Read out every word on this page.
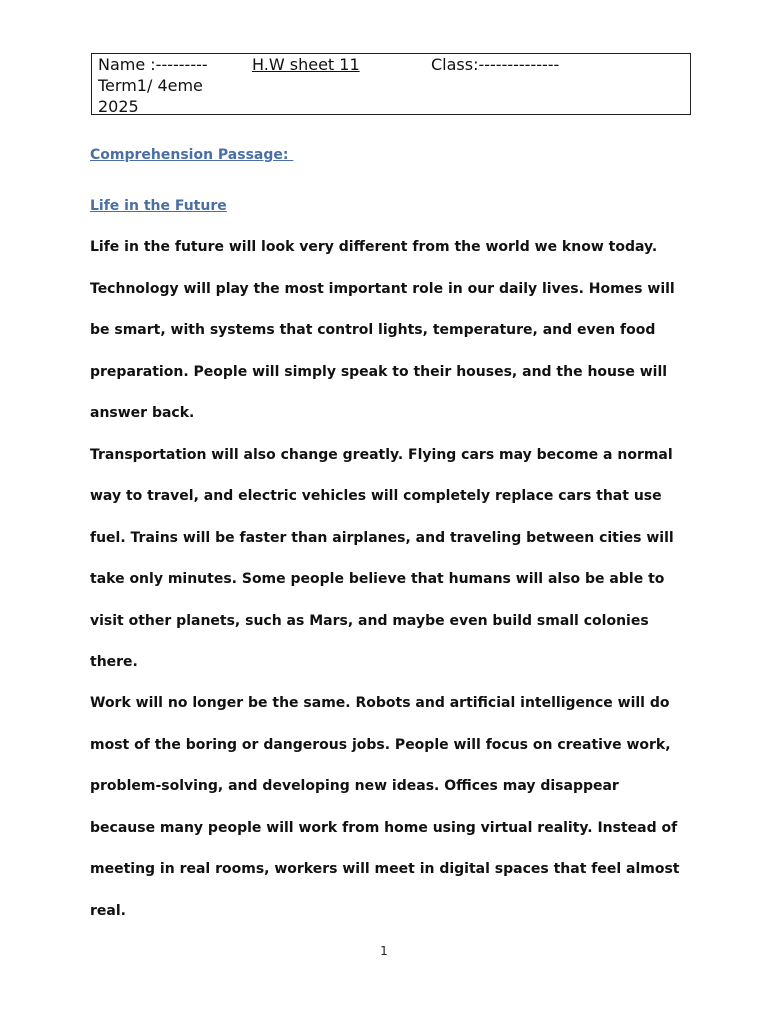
Name :---------
Term1/ 4eme
2025
H.W sheet 11	Class:--------------
Comprehension Passage:
Life in the Future
Life in the future will look very different from the world we know today.
Technology will play the most important role in our daily lives. Homes will
be smart, with systems that control lights, temperature, and even food
preparation. People will simply speak to their houses, and the house will
answer back.
Transportation will also change greatly. Flying cars may become a normal
way to travel, and electric vehicles will completely replace cars that use
fuel. Trains will be faster than airplanes, and traveling between cities will
take only minutes. Some people believe that humans will also be able to
visit other planets, such as Mars, and maybe even build small colonies
there.
Work will no longer be the same. Robots and artificial intelligence will do
most of the boring or dangerous jobs. People will focus on creative work,
problem-solving, and developing new ideas. Offices may disappear
because many people will work from home using virtual reality. Instead of
meeting in real rooms, workers will meet in digital spaces that feel almost
real.
1
